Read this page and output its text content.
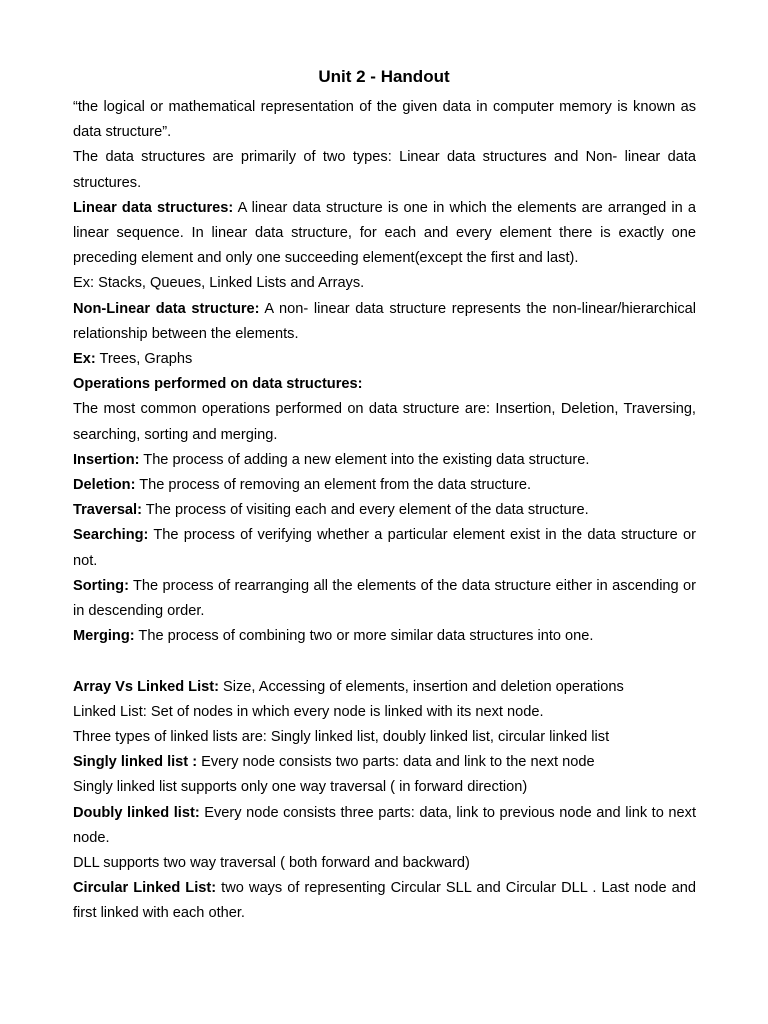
Unit 2 - Handout

“the logical or mathematical representation of the given data in computer memory is known as data structure”.

The data structures are primarily of two types: Linear data structures and Non- linear data structures.

Linear data structures: A linear data structure is one in which the elements are arranged in a linear sequence. In linear data structure, for each and every element there is exactly one preceding element and only one succeeding element(except the first and last).

Ex: Stacks, Queues, Linked Lists and Arrays.

Non-Linear data structure: A non- linear data structure represents the non-linear/hierarchical relationship between the elements.

Ex: Trees, Graphs

Operations performed on data structures:

The most common operations performed on data structure are: Insertion, Deletion, Traversing, searching, sorting and merging.

Insertion: The process of adding a new element into the existing data structure.

Deletion: The process of removing an element from the data structure.

Traversal: The process of visiting each and every element of the data structure.

Searching: The process of verifying whether a particular element exist in the data structure or not.

Sorting: The process of rearranging all the elements of the data structure either in ascending or in descending order.

Merging: The process of combining two or more similar data structures into one.

Array Vs Linked List: Size, Accessing of elements, insertion and deletion operations

Linked List: Set of nodes in which every node is linked with its next node.

Three types of linked lists are: Singly linked list, doubly linked list, circular linked list

Singly linked list : Every node consists two parts: data and link to the next node

Singly linked list supports only one way traversal ( in forward direction)

Doubly linked list: Every node consists three parts: data, link to previous node and link to next node.

DLL supports two way traversal ( both forward and backward)

Circular Linked List: two ways of representing Circular SLL and Circular DLL . Last node and first linked with each other.
